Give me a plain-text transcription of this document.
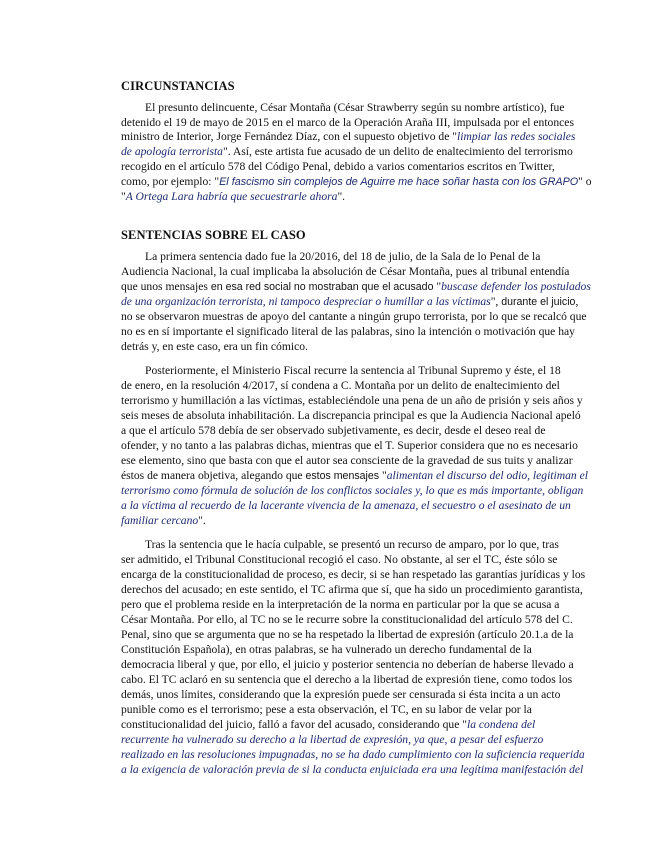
CIRCUNSTANCIAS

El presunto delincuente, César Montaña (César Strawberry según su nombre artístico), fue

detenido el 19 de mayo de 2015 en el marco de la Operación Araña III, impulsada por el entonces

ministro de Interior, Jorge Fernández Díaz, con el supuesto objetivo de "limpiar las redes sociales

de apología terrorista". Así, este artista fue acusado de un delito de enaltecimiento del terrorismo

recogido en el artículo 578 del Código Penal, debido a varios comentarios escritos en Twitter,

como, por ejemplo: "El fascismo sin complejos de Aguirre me hace soñar hasta con los GRAPO" o

"A Ortega Lara habría que secuestrarle ahora".

SENTENCIAS SOBRE EL CASO

La primera sentencia dado fue la 20/2016, del 18 de julio, de la Sala de lo Penal de la

Audiencia Nacional, la cual implicaba la absolución de César Montaña, pues al tribunal entendía

que unos mensajes en esa red social no mostraban que el acusado "buscase defender los postulados

de una organización terrorista, ni tampoco despreciar o humillar a las víctimas", durante el juicio,

no se observaron muestras de apoyo del cantante a ningún grupo terrorista, por lo que se recalcó que

no es en sí importante el significado literal de las palabras, sino la intención o motivación que hay

detrás y, en este caso, era un fin cómico.

Posteriormente, el Ministerio Fiscal recurre la sentencia al Tribunal Supremo y éste, el 18

de enero, en la resolución 4/2017, sí condena a C. Montaña por un delito de enaltecimiento del

terrorismo y humillación a las víctimas, estableciéndole una pena de un año de prisión y seis años y

seis meses de absoluta inhabilitación. La discrepancia principal es que la Audiencia Nacional apeló

a que el artículo 578 debía de ser observado subjetivamente, es decir, desde el deseo real de

ofender, y no tanto a las palabras dichas, mientras que el T. Superior considera que no es necesario

ese elemento, sino que basta con que el autor sea consciente de la gravedad de sus tuits y analizar

éstos de manera objetiva, alegando que estos mensajes "alimentan el discurso del odio, legitiman el

terrorismo como fórmula de solución de los conflictos sociales y, lo que es más importante, obligan

a la víctima al recuerdo de la lacerante vivencia de la amenaza, el secuestro o el asesinato de un

familiar cercano".

Tras la sentencia que le hacía culpable, se presentó un recurso de amparo, por lo que, tras

ser admitido, el Tribunal Constitucional recogió el caso. No obstante, al ser el TC, éste sólo se

encarga de la constitucionalidad de proceso, es decir, si se han respetado las garantías jurídicas y los

derechos del acusado; en este sentido, el TC afirma que sí, que ha sido un procedimiento garantista,

pero que el problema reside en la interpretación de la norma en particular por la que se acusa a

César Montaña. Por ello, al TC no se le recurre sobre la constitucionalidad del artículo 578 del C.

Penal, sino que se argumenta que no se ha respetado la libertad de expresión (artículo 20.1.a de la

Constitución Española), en otras palabras, se ha vulnerado un derecho fundamental de la

democracia liberal y que, por ello, el juicio y posterior sentencia no deberían de haberse llevado a

cabo. El TC aclaró en su sentencia que el derecho a la libertad de expresión tiene, como todos los

demás, unos límites, considerando que la expresión puede ser censurada si ésta incita a un acto

punible como es el terrorismo; pese a esta observación, el TC, en su labor de velar por la

constitucionalidad del juicio, falló a favor del acusado, considerando que "la condena del

recurrente ha vulnerado su derecho a la libertad de expresión, ya que, a pesar del esfuerzo

realizado en las resoluciones impugnadas, no se ha dado cumplimiento con la suficiencia requerida

a la exigencia de valoración previa de si la conducta enjuiciada era una legítima manifestación del
